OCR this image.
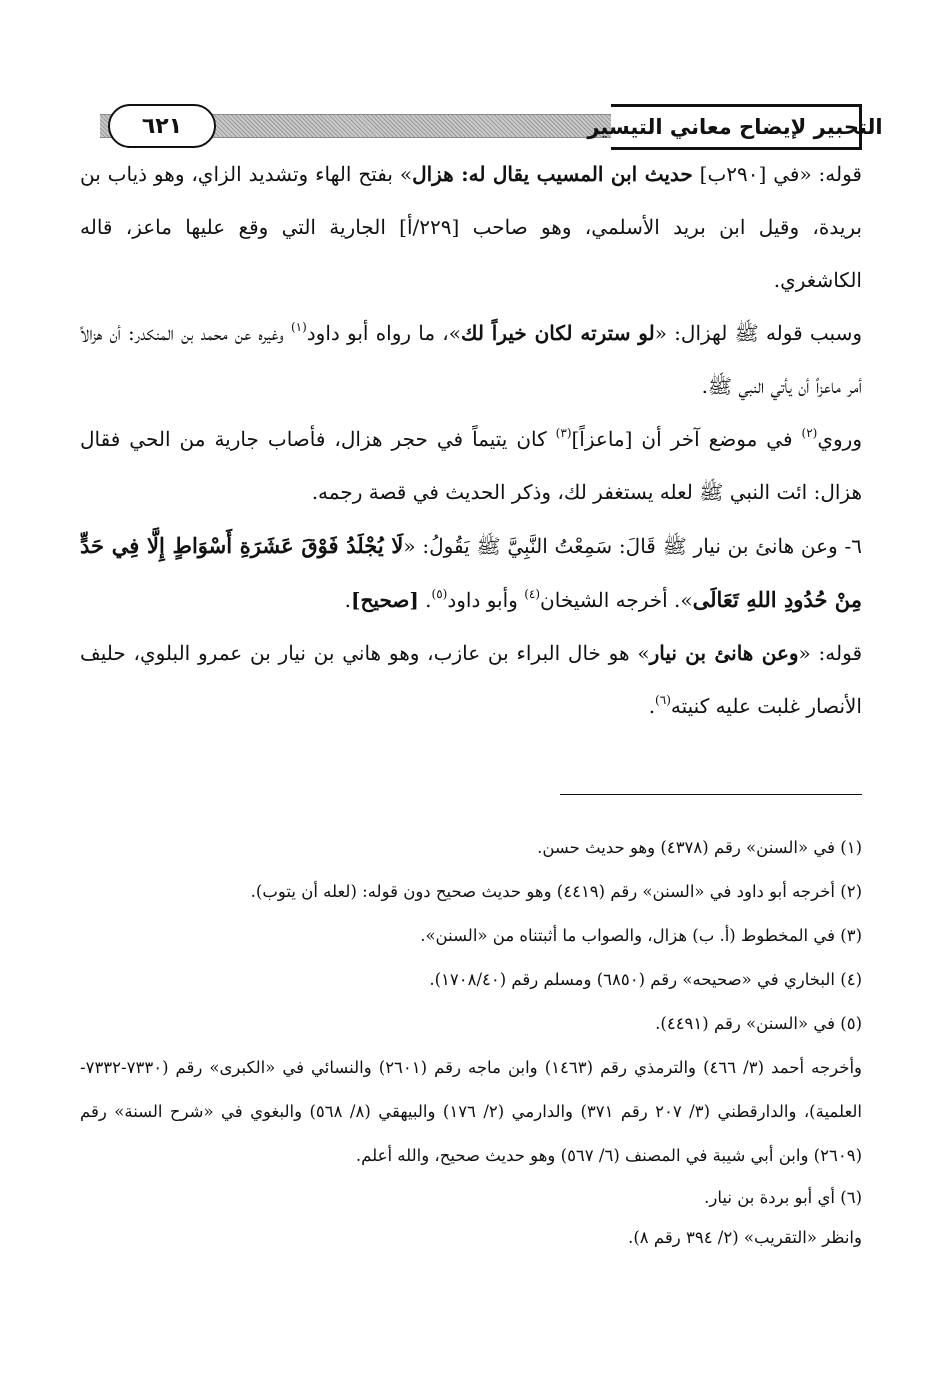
التحبير لإيضاح معاني التيسير
٦٢١

قوله: «في [٢٩٠ب] حديث ابن المسيب يقال له: هزال» بفتح الهاء وتشديد الزاي، وهو ذياب بن بريدة، وقيل ابن بريد الأسلمي، وهو صاحب [٢٢٩/أ] الجارية التي وقع عليها ماعز، قاله الكاشغري.

وسبب قوله ﷺ لهزال: «لو سترته لكان خيراً لك»، ما رواه أبو داود$^{(١)}$ وغيره عن محمد بن المنكدر: أن هزالاً أمر ماعزاً أن يأتي النبي ﷺ.

وروي$^{(٢)}$ في موضع آخر أن [ماعزاً]$^{(٣)}$ كان يتيماً في حجر هزال، فأصاب جارية من الحي فقال هزال: ائت النبي ﷺ لعله يستغفر لك، وذكر الحديث في قصة رجمه.

٦- وعن هانئ بن نيار ﷺ قَالَ: سَمِعْتُ النَّبِيَّ ﷺ يَقُولُ: «لَا يُجْلَدُ فَوْقَ عَشَرَةِ أَسْوَاطٍ إِلَّا فِي حَدٍّ مِنْ حُدُودِ اللهِ تَعَالَى». أخرجه الشيخان$^{(٤)}$ وأبو داود$^{(٥)}$. [صحيح].

قوله: «وعن هانئ بن نيار» هو خال البراء بن عازب، وهو هاني بن نيار بن عمرو البلوي، حليف الأنصار غلبت عليه كنيته$^{(٦)}$.

(١) في «السنن» رقم (٤٣٧٨) وهو حديث حسن.

(٢) أخرجه أبو داود في «السنن» رقم (٤٤١٩) وهو حديث صحيح دون قوله: (لعله أن يتوب).

(٣) في المخطوط (أ. ب) هزال، والصواب ما أثبتناه من «السنن».

(٤) البخاري في «صحيحه» رقم (٦٨٥٠) ومسلم رقم (١٧٠٨/٤٠).

(٥) في «السنن» رقم (٤٤٩١).

وأخرجه أحمد (٣/ ٤٦٦) والترمذي رقم (١٤٦٣) وابن ماجه رقم (٢٦٠١) والنسائي في «الكبرى» رقم (٧٣٣٠-٧٣٣٢-العلمية)، والدارقطني (٣/ ٢٠٧ رقم ٣٧١) والدارمي (٢/ ١٧٦) والبيهقي (٨/ ٥٦٨) والبغوي في «شرح السنة» رقم (٢٦٠٩) وابن أبي شيبة في المصنف (٦/ ٥٦٧) وهو حديث صحيح، والله أعلم.

(٦) أي أبو بردة بن نيار.

وانظر «التقريب» (٢/ ٣٩٤ رقم ٨).
